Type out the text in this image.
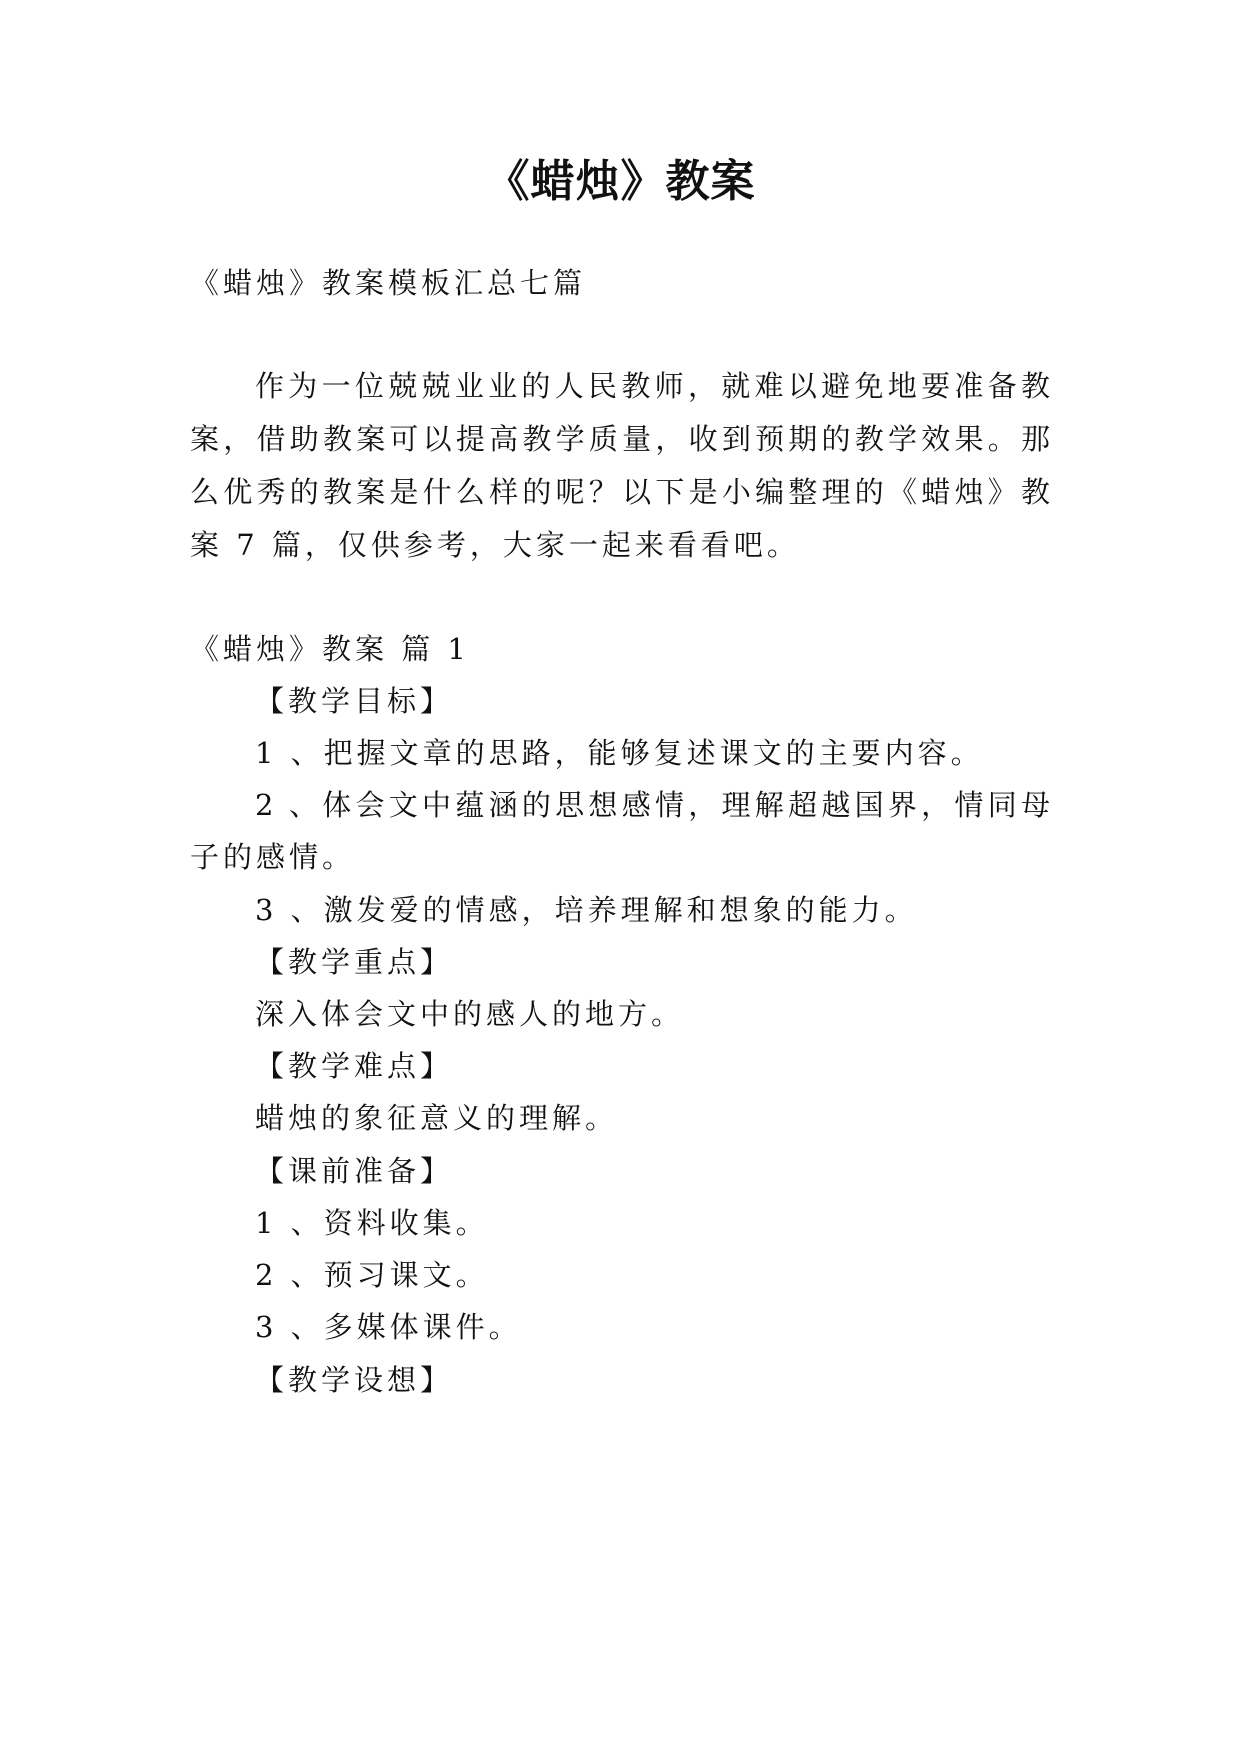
《蜡烛》教案
《蜡烛》教案模板汇总七篇
作为一位兢兢业业的人民教师，就难以避免地要准备教
案，借助教案可以提高教学质量，收到预期的教学效果。那
么优秀的教案是什么样的呢？以下是小编整理的《蜡烛》教
案 7 篇，仅供参考，大家一起来看看吧。
《蜡烛》教案 篇 1
【教学目标】
1 、把握文章的思路，能够复述课文的主要内容。
2 、体会文中蕴涵的思想感情，理解超越国界，情同母
子的感情。
3 、激发爱的情感，培养理解和想象的能力。
【教学重点】
深入体会文中的感人的地方。
【教学难点】
蜡烛的象征意义的理解。
【课前准备】
1 、资料收集。
2 、预习课文。
3 、多媒体课件。
【教学设想】
